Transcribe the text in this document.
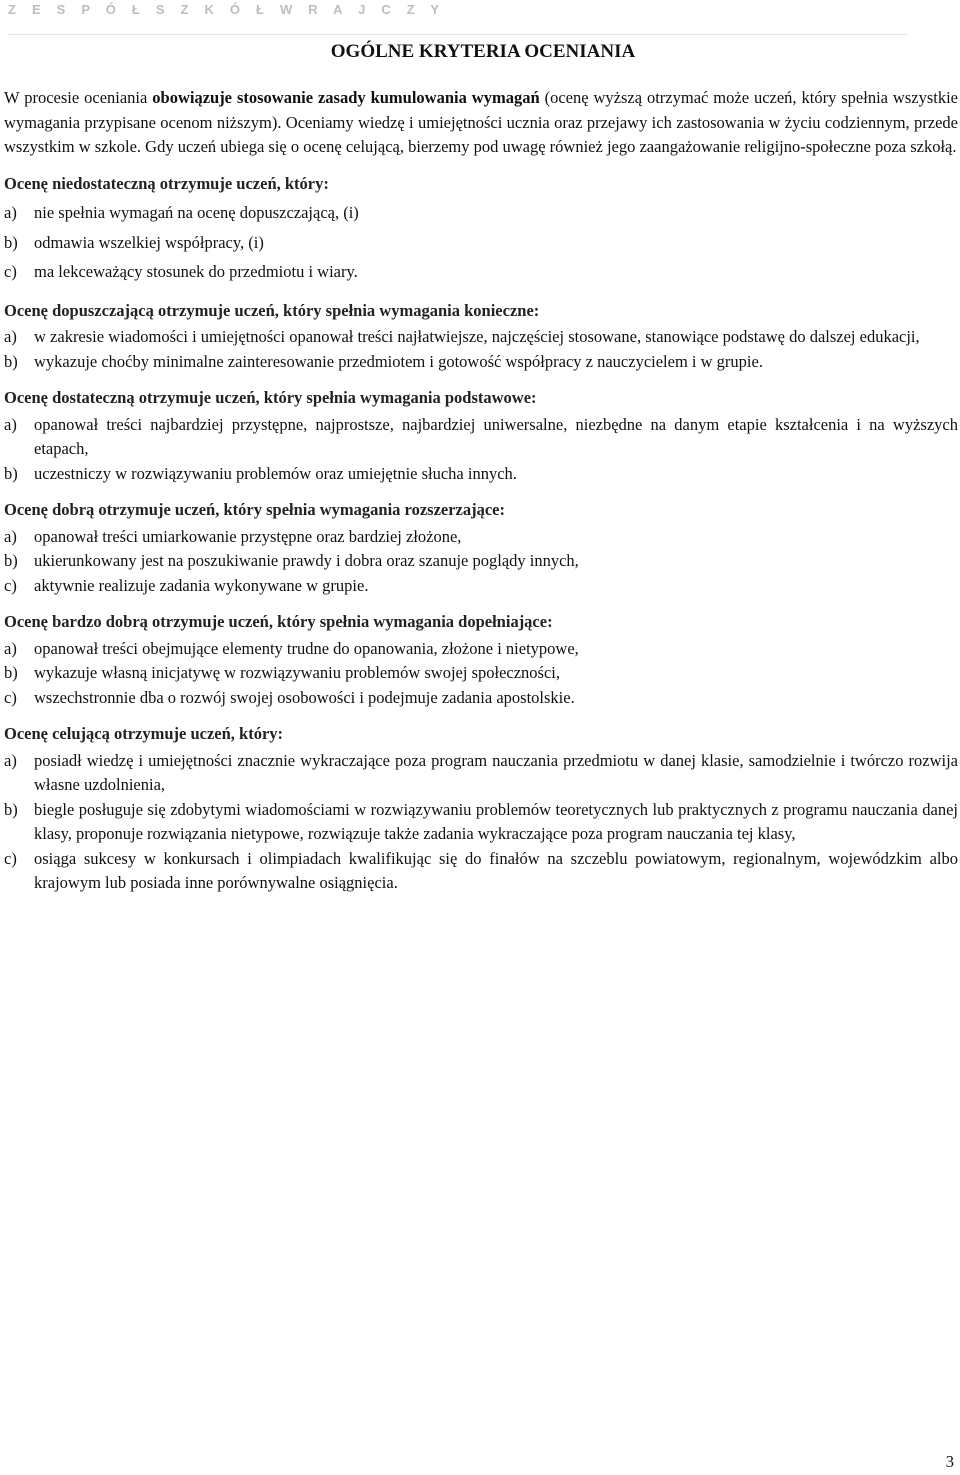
Z E S P Ó Ł S Z K Ó Ł W R A J C Z Y
OGÓLNE KRYTERIA OCENIANIA

W procesie oceniania obowiązuje stosowanie zasady kumulowania wymagań (ocenę wyższą otrzymać może uczeń, który spełnia wszystkie wymagania przypisane ocenom niższym). Oceniamy wiedzę i umiejętności ucznia oraz przejawy ich zastosowania w życiu codziennym, przede wszystkim w szkole. Gdy uczeń ubiega się o ocenę celującą, bierzemy pod uwagę również jego zaangażowanie religijno-społeczne poza szkołą.

Ocenę niedostateczną otrzymuje uczeń, który:
a)	nie spełnia wymagań na ocenę dopuszczającą, (i)
b) odmawia wszelkiej współpracy, (i)
c)	ma lekceważący stosunek do przedmiotu i wiary.
Ocenę dopuszczającą otrzymuje uczeń, który spełnia wymagania konieczne:
a)	w zakresie wiadomości i umiejętności opanował treści najłatwiejsze, najczęściej stosowane, stanowiące podstawę do dalszej edukacji,
b) wykazuje choćby minimalne zainteresowanie przedmiotem i gotowość współpracy z nauczycielem i w grupie.
Ocenę dostateczną otrzymuje uczeń, który spełnia wymagania podstawowe:
a)	opanował treści najbardziej przystępne, najprostsze, najbardziej uniwersalne, niezbędne na danym etapie kształcenia i na wyższych etapach,
b) uczestniczy w rozwiązywaniu problemów oraz umiejętnie słucha innych.
Ocenę dobrą otrzymuje uczeń, który spełnia wymagania rozszerzające:
a)	opanował treści umiarkowanie przystępne oraz bardziej złożone,
b) ukierunkowany jest na poszukiwanie prawdy i dobra oraz szanuje poglądy innych,
c)	aktywnie realizuje zadania wykonywane w grupie.
Ocenę bardzo dobrą otrzymuje uczeń, który spełnia wymagania dopełniające:
a)	opanował treści obejmujące elementy trudne do opanowania, złożone i nietypowe,
b) wykazuje własną inicjatywę w rozwiązywaniu problemów swojej społeczności,
c)	wszechstronnie dba o rozwój swojej osobowości i podejmuje zadania apostolskie.
Ocenę celującą otrzymuje uczeń, który:
a)	posiadł wiedzę i umiejętności znacznie wykraczające poza program nauczania przedmiotu w danej klasie, samodzielnie i twórczo rozwija własne uzdolnienia,
b) biegle posługuje się zdobytymi wiadomościami w rozwiązywaniu problemów teoretycznych lub praktycznych z programu nauczania danej klasy, proponuje rozwiązania nietypowe, rozwiązuje także zadania wykraczające poza program nauczania tej klasy,
c)	osiąga sukcesy w konkursach i olimpiadach kwalifikując się do finałów na szczeblu powiatowym, regionalnym, wojewódzkim albo krajowym lub posiada inne porównywalne osiągnięcia.
3
